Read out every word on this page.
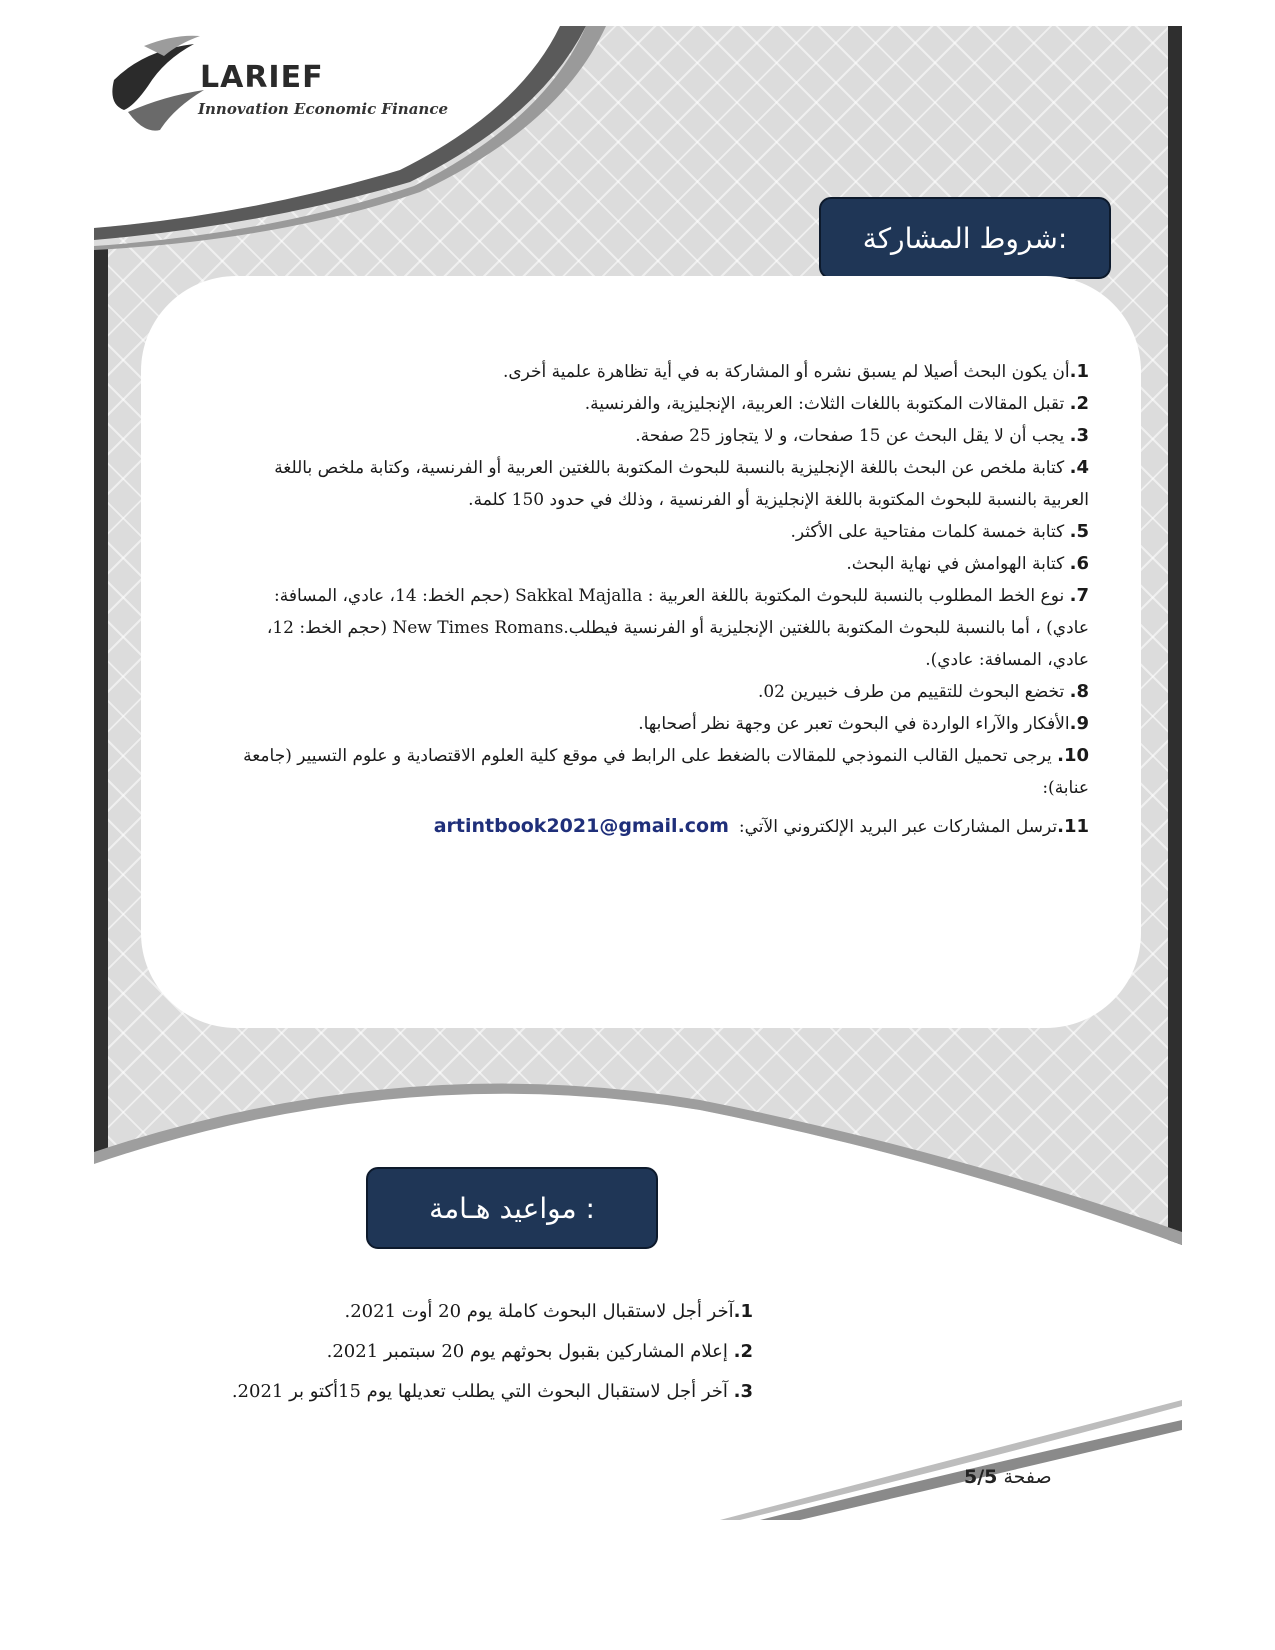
LARIEF
Innovation Economic Finance
شروط المشاركة:
1.أن يكون البحث أصيلا لم يسبق نشره أو المشاركة به في أية تظاهرة علمية أخرى.
2. تقبل المقالات المكتوبة باللغات الثلاث: العربية، الإنجليزية، والفرنسية.
3. يجب أن لا يقل البحث عن 15 صفحات، و لا يتجاوز 25 صفحة.
4. كتابة ملخص عن البحث باللغة الإنجليزية بالنسبة للبحوث المكتوبة باللغتين العربية أو الفرنسية، وكتابة ملخص باللغة العربية بالنسبة للبحوث المكتوبة باللغة الإنجليزية أو الفرنسية ، وذلك في حدود 150 كلمة.
5. كتابة خمسة كلمات مفتاحية على الأكثر.
6. كتابة الهوامش في نهاية البحث.
7. نوع الخط المطلوب بالنسبة للبحوث المكتوبة باللغة العربية : Sakkal Majalla (حجم الخط: 14، عادي، المسافة: عادي) ، أما بالنسبة للبحوث المكتوبة باللغتين الإنجليزية أو الفرنسية فيطلب.New Times Romans (حجم الخط: 12، عادي، المسافة: عادي).
8. تخضع البحوث للتقييم من طرف خبيرين 02.
9.الأفكار والآراء الواردة في البحوث تعبر عن وجهة نظر أصحابها.
10. يرجى تحميل القالب النموذجي للمقالات بالضغط على الرابط في موقع كلية العلوم الاقتصادية و علوم التسيير (جامعة عنابة):
11.ترسل المشاركات عبر البريد الإلكتروني الآتي:artintbook2021@gmail.com
مواعيد هـامة :
1.آخر أجل لاستقبال البحوث كاملة يوم 20 أوت 2021.
2. إعلام المشاركين بقبول بحوثهم يوم 20 سبتمبر 2021.
3. آخر أجل لاستقبال البحوث التي يطلب تعديلها يوم 15أكتو بر 2021.
صفحة 5/5
